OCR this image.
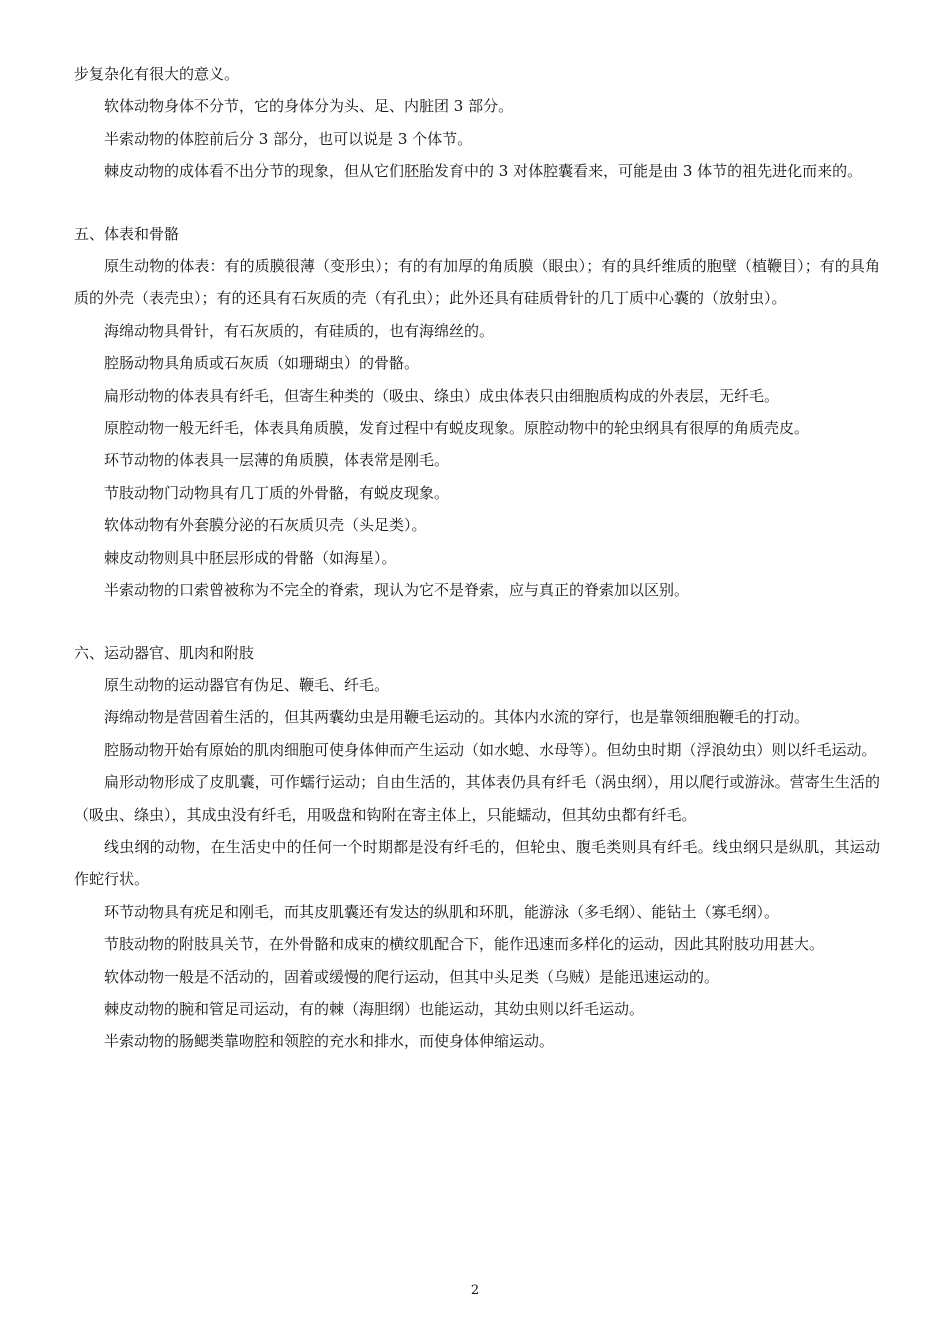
步复杂化有很大的意义。

软体动物身体不分节，它的身体分为头、足、内脏团 3 部分。

半索动物的体腔前后分 3 部分，也可以说是 3 个体节。

棘皮动物的成体看不出分节的现象，但从它们胚胎发育中的 3 对体腔囊看来，可能是由 3 体节的祖先进化而来的。

五、体表和骨骼

原生动物的体表：有的质膜很薄（变形虫）；有的有加厚的角质膜（眼虫）；有的具纤维质的胞壁（植鞭目）；有的具角质的外壳（表壳虫）；有的还具有石灰质的壳（有孔虫）；此外还具有硅质骨针的几丁质中心囊的（放射虫）。

海绵动物具骨针，有石灰质的，有硅质的，也有海绵丝的。

腔肠动物具角质或石灰质（如珊瑚虫）的骨骼。

扁形动物的体表具有纤毛，但寄生种类的（吸虫、绦虫）成虫体表只由细胞质构成的外表层，无纤毛。

原腔动物一般无纤毛，体表具角质膜，发育过程中有蜕皮现象。原腔动物中的轮虫纲具有很厚的角质壳皮。

环节动物的体表具一层薄的角质膜，体表常是刚毛。

节肢动物门动物具有几丁质的外骨骼，有蜕皮现象。

软体动物有外套膜分泌的石灰质贝壳（头足类）。

棘皮动物则具中胚层形成的骨骼（如海星）。

半索动物的口索曾被称为不完全的脊索，现认为它不是脊索，应与真正的脊索加以区别。

六、运动器官、肌肉和附肢

原生动物的运动器官有伪足、鞭毛、纤毛。

海绵动物是营固着生活的，但其两囊幼虫是用鞭毛运动的。其体内水流的穿行，也是靠领细胞鞭毛的打动。

腔肠动物开始有原始的肌肉细胞可使身体伸而产生运动（如水螅、水母等）。但幼虫时期（浮浪幼虫）则以纤毛运动。

扁形动物形成了皮肌囊，可作蠕行运动；自由生活的，其体表仍具有纤毛（涡虫纲），用以爬行或游泳。营寄生生活的（吸虫、绦虫），其成虫没有纤毛，用吸盘和钩附在寄主体上，只能蠕动，但其幼虫都有纤毛。

线虫纲的动物，在生活史中的任何一个时期都是没有纤毛的，但轮虫、腹毛类则具有纤毛。线虫纲只是纵肌，其运动作蛇行状。

环节动物具有疣足和刚毛，而其皮肌囊还有发达的纵肌和环肌，能游泳（多毛纲）、能钻土（寡毛纲）。

节肢动物的附肢具关节，在外骨骼和成束的横纹肌配合下，能作迅速而多样化的运动，因此其附肢功用甚大。

软体动物一般是不活动的，固着或缓慢的爬行运动，但其中头足类（乌贼）是能迅速运动的。

棘皮动物的腕和管足司运动，有的棘（海胆纲）也能运动，其幼虫则以纤毛运动。

半索动物的肠鳃类靠吻腔和领腔的充水和排水，而使身体伸缩运动。

2
